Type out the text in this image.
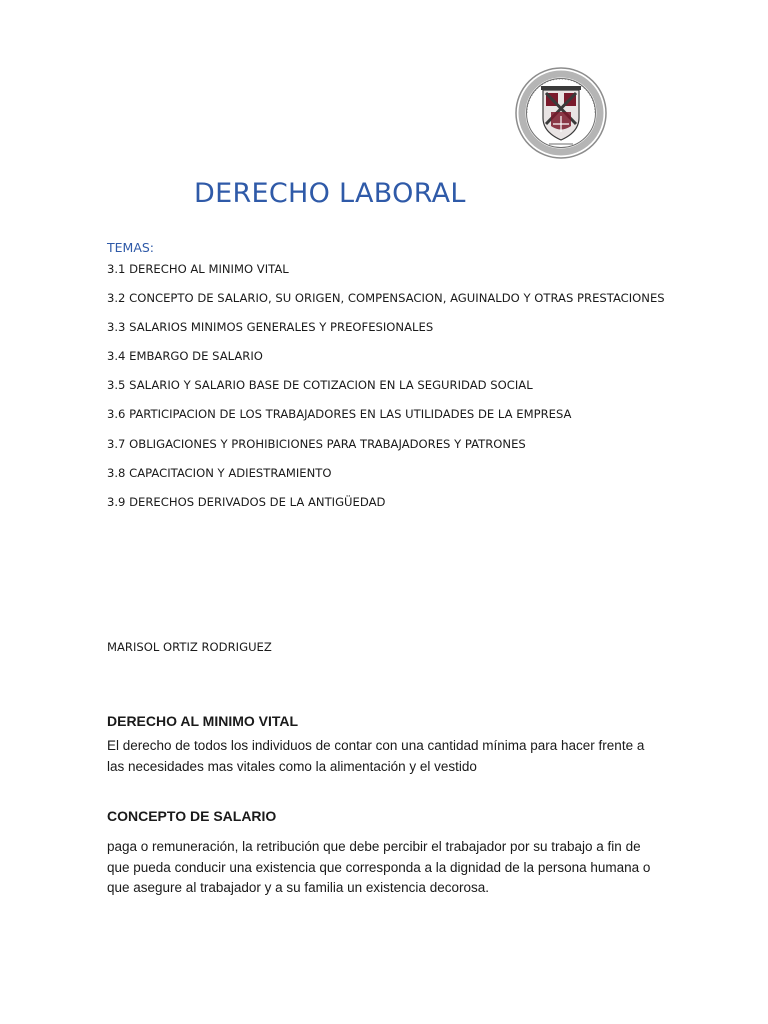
DERECHO LABORAL
TEMAS:
3.1 DERECHO AL MINIMO VITAL
3.2 CONCEPTO DE SALARIO, SU ORIGEN, COMPENSACION, AGUINALDO Y OTRAS PRESTACIONES
3.3 SALARIOS MINIMOS GENERALES Y PREOFESIONALES
3.4 EMBARGO DE SALARIO
3.5 SALARIO Y SALARIO BASE DE COTIZACION EN LA SEGURIDAD SOCIAL
3.6 PARTICIPACION DE LOS TRABAJADORES EN LAS UTILIDADES DE LA EMPRESA
3.7 OBLIGACIONES Y PROHIBICIONES PARA TRABAJADORES Y PATRONES
3.8 CAPACITACION Y ADIESTRAMIENTO
3.9 DERECHOS DERIVADOS DE LA ANTIGÜEDAD
MARISOL ORTIZ RODRIGUEZ
DERECHO AL MINIMO VITAL

El derecho de todos los individuos de contar con una cantidad mínima para hacer frente a
las necesidades mas vitales como la alimentación y el vestido

CONCEPTO DE SALARIO

paga o remuneración, la retribución que debe percibir el trabajador por su trabajo a fin de
que pueda conducir una existencia que corresponda a la dignidad de la persona humana o
que asegure al trabajador y a su familia un existencia decorosa.
